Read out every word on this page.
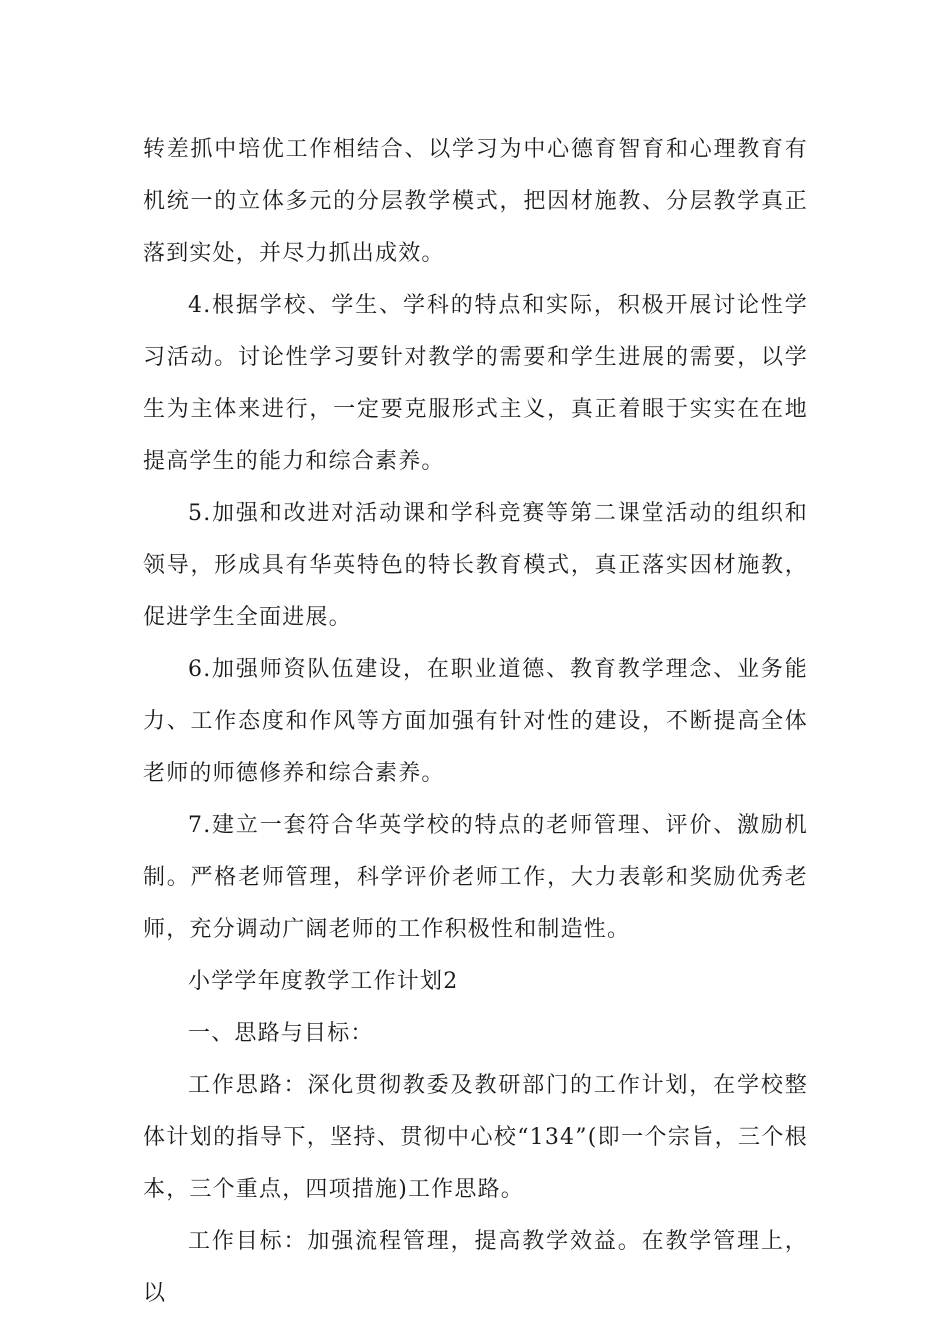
转差抓中培优工作相结合、以学习为中心德育智育和心理教育有机统一的立体多元的分层教学模式，把因材施教、分层教学真正落到实处，并尽力抓出成效。

4.根据学校、学生、学科的特点和实际，积极开展讨论性学习活动。讨论性学习要针对教学的需要和学生进展的需要，以学生为主体来进行，一定要克服形式主义，真正着眼于实实在在地提高学生的能力和综合素养。

5.加强和改进对活动课和学科竞赛等第二课堂活动的组织和领导，形成具有华英特色的特长教育模式，真正落实因材施教，促进学生全面进展。

6.加强师资队伍建设，在职业道德、教育教学理念、业务能力、工作态度和作风等方面加强有针对性的建设，不断提高全体老师的师德修养和综合素养。

7.建立一套符合华英学校的特点的老师管理、评价、激励机制。严格老师管理，科学评价老师工作，大力表彰和奖励优秀老师，充分调动广阔老师的工作积极性和制造性。

小学学年度教学工作计划2

一、思路与目标：

工作思路：深化贯彻教委及教研部门的工作计划，在学校整体计划的指导下，坚持、贯彻中心校“134”(即一个宗旨，三个根本，三个重点，四项措施)工作思路。

工作目标：加强流程管理，提高教学效益。在教学管理上，以
